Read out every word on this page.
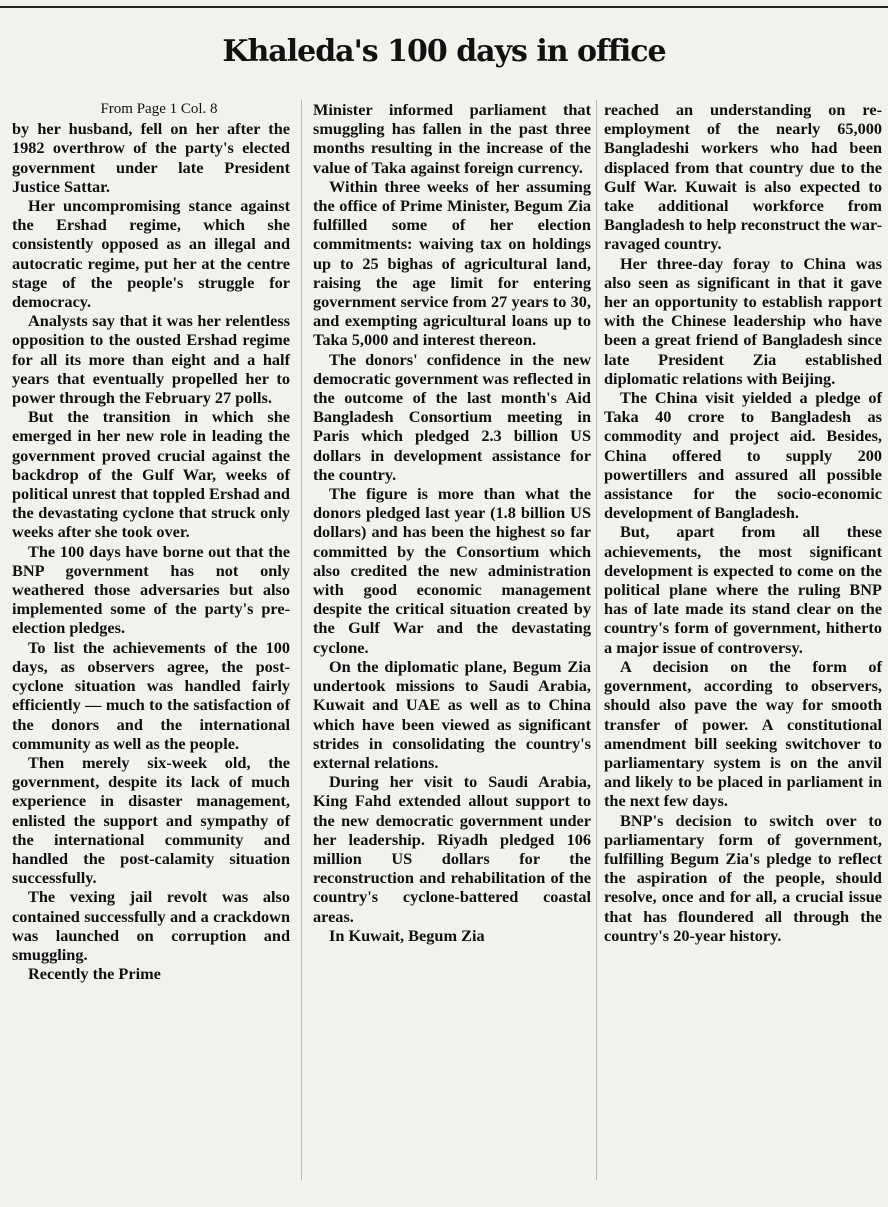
Khaleda's 100 days in office

From Page 1 Col. 8

by her husband, fell on her after the 1982 overthrow of the party's elected government under late President Justice Sattar.

Her uncompromising stance against the Ershad regime, which she consistently opposed as an illegal and autocratic regime, put her at the centre stage of the people's struggle for democracy.

Analysts say that it was her relentless opposition to the ousted Ershad regime for all its more than eight and a half years that eventually propelled her to power through the February 27 polls.

But the transition in which she emerged in her new role in leading the government proved crucial against the backdrop of the Gulf War, weeks of political unrest that toppled Ershad and the devastating cyclone that struck only weeks after she took over.

The 100 days have borne out that the BNP government has not only weathered those adversaries but also implemented some of the party's pre-election pledges.

To list the achievements of the 100 days, as observers agree, the post-cyclone situation was handled fairly efficiently — much to the satisfaction of the donors and the international community as well as the people.

Then merely six-week old, the government, despite its lack of much experience in disaster management, enlisted the support and sympathy of the international community and handled the post-calamity situation successfully.

The vexing jail revolt was also contained successfully and a crackdown was launched on corruption and smuggling.

Recently the Prime

Minister informed parliament that smuggling has fallen in the past three months resulting in the increase of the value of Taka against foreign currency.

Within three weeks of her assuming the office of Prime Minister, Begum Zia fulfilled some of her election commitments: waiving tax on holdings up to 25 bighas of agricultural land, raising the age limit for entering government service from 27 years to 30, and exempting agricultural loans up to Taka 5,000 and interest thereon.

The donors' confidence in the new democratic government was reflected in the outcome of the last month's Aid Bangladesh Consortium meeting in Paris which pledged 2.3 billion US dollars in development assistance for the country.

The figure is more than what the donors pledged last year (1.8 billion US dollars) and has been the highest so far committed by the Consortium which also credited the new administration with good economic management despite the critical situation created by the Gulf War and the devastating cyclone.

On the diplomatic plane, Begum Zia undertook missions to Saudi Arabia, Kuwait and UAE as well as to China which have been viewed as significant strides in consolidating the country's external relations.

During her visit to Saudi Arabia, King Fahd extended allout support to the new democratic government under her leadership. Riyadh pledged 106 million US dollars for the reconstruction and rehabilitation of the country's cyclone-battered coastal areas.

In Kuwait, Begum Zia

reached an understanding on re-employment of the nearly 65,000 Bangladeshi workers who had been displaced from that country due to the Gulf War. Kuwait is also expected to take additional workforce from Bangladesh to help reconstruct the war-ravaged country.

Her three-day foray to China was also seen as significant in that it gave her an opportunity to establish rapport with the Chinese leadership who have been a great friend of Bangladesh since late President Zia established diplomatic relations with Beijing.

The China visit yielded a pledge of Taka 40 crore to Bangladesh as commodity and project aid. Besides, China offered to supply 200 powertillers and assured all possible assistance for the socio-economic development of Bangladesh.

But, apart from all these achievements, the most significant development is expected to come on the political plane where the ruling BNP has of late made its stand clear on the country's form of government, hitherto a major issue of controversy.

A decision on the form of government, according to observers, should also pave the way for smooth transfer of power. A constitutional amendment bill seeking switchover to parliamentary system is on the anvil and likely to be placed in parliament in the next few days.

BNP's decision to switch over to parliamentary form of government, fulfilling Begum Zia's pledge to reflect the aspiration of the people, should resolve, once and for all, a crucial issue that has floundered all through the country's 20-year history.
